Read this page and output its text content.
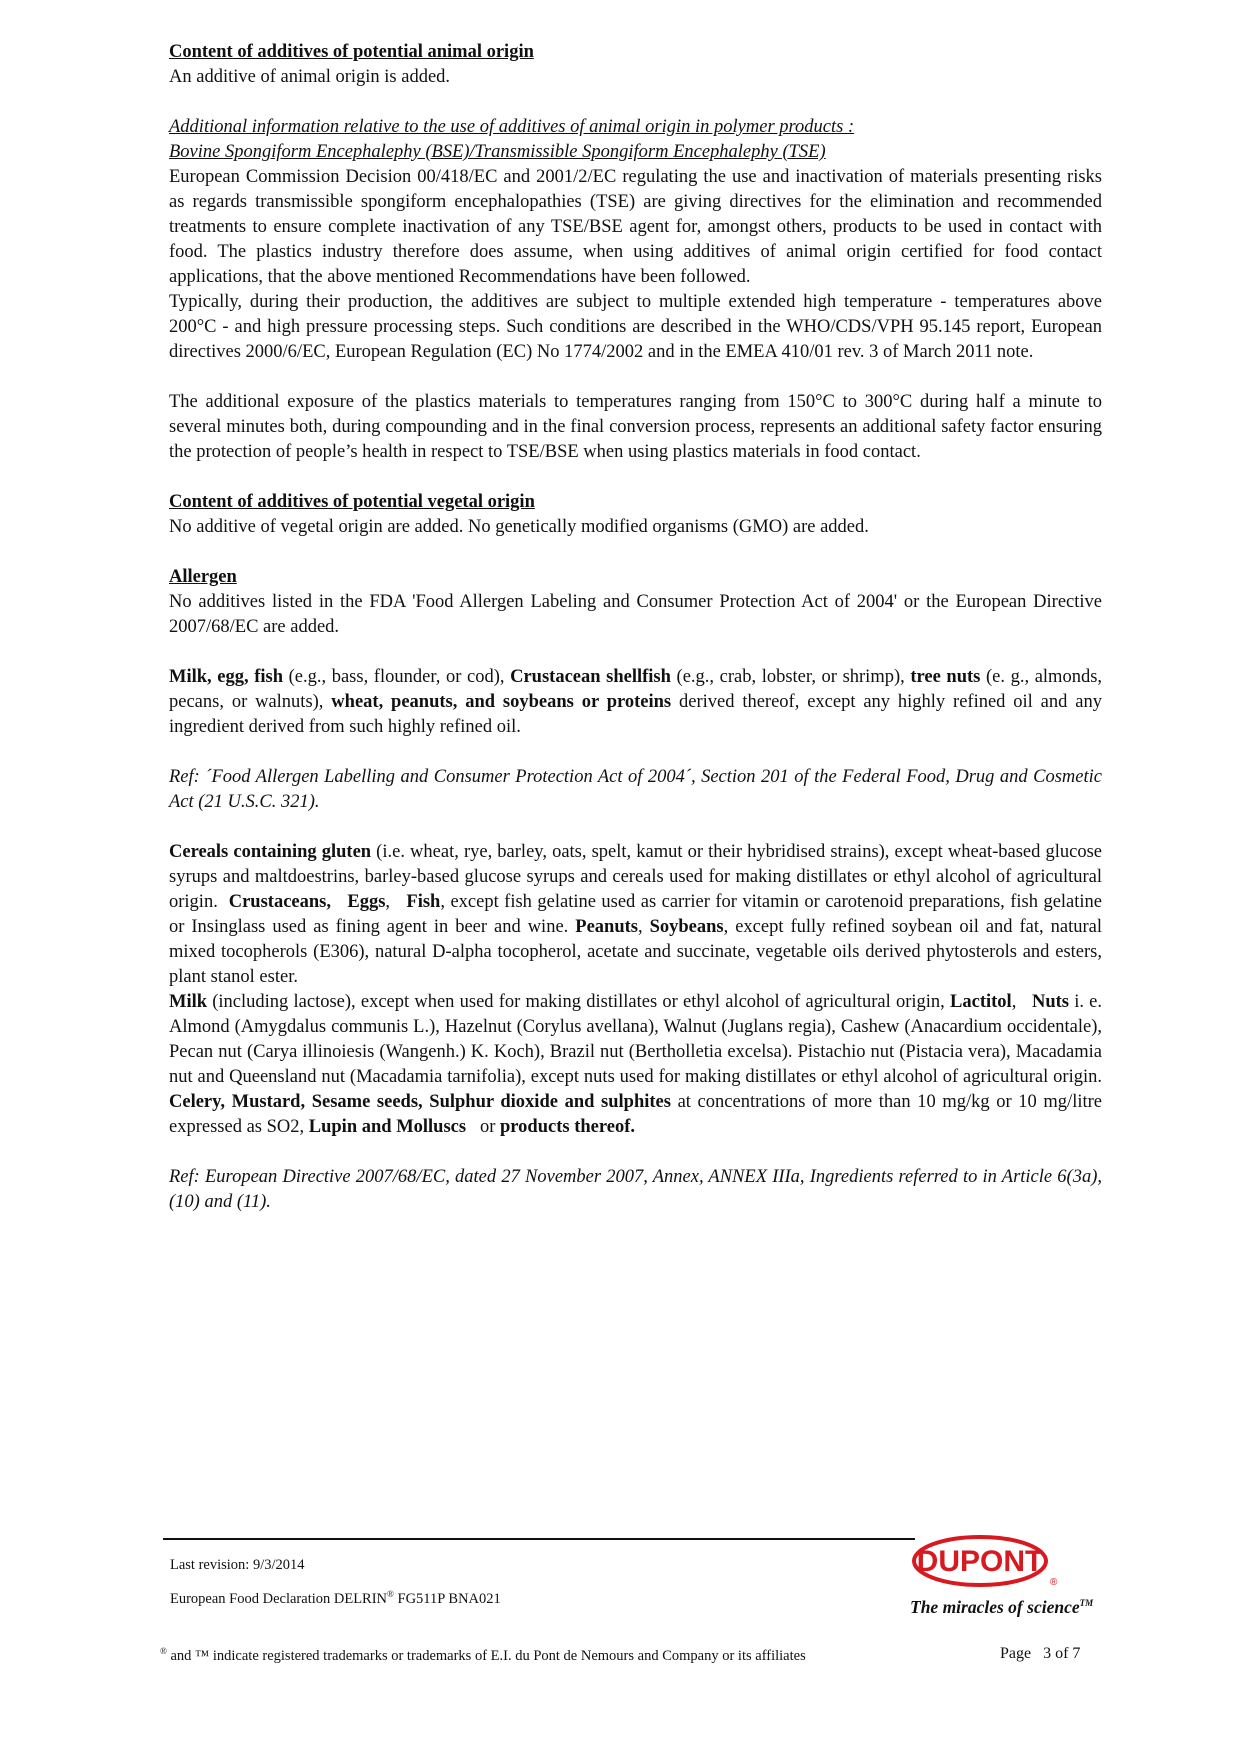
Content of additives of potential animal origin

An additive of animal origin is added.

Additional information relative to the use of additives of animal origin in polymer products :

Bovine Spongiform Encephalephy (BSE)/Transmissible Spongiform Encephalephy (TSE)

European Commission Decision 00/418/EC and 2001/2/EC regulating the use and inactivation of materials presenting risks as regards transmissible spongiform encephalopathies (TSE) are giving directives for the elimination and recommended treatments to ensure complete inactivation of any TSE/BSE agent for, amongst others, products to be used in contact with food. The plastics industry therefore does assume, when using additives of animal origin certified for food contact applications, that the above mentioned Recommendations have been followed.

Typically, during their production, the additives are subject to multiple extended high temperature - temperatures above 200°C - and high pressure processing steps. Such conditions are described in the WHO/CDS/VPH 95.145 report, European directives 2000/6/EC, European Regulation (EC) No 1774/2002 and in the EMEA 410/01 rev. 3 of March 2011 note.

The additional exposure of the plastics materials to temperatures ranging from 150°C to 300°C during half a minute to several minutes both, during compounding and in the final conversion process, represents an additional safety factor ensuring the protection of people’s health in respect to TSE/BSE when using plastics materials in food contact.

Content of additives of potential vegetal origin

No additive of vegetal origin are added. No genetically modified organisms (GMO) are added.

Allergen

No additives listed in the FDA 'Food Allergen Labeling and Consumer Protection Act of 2004' or the European Directive 2007/68/EC are added.

Milk, egg, fish (e.g., bass, flounder, or cod), Crustacean shellfish (e.g., crab, lobster, or shrimp), tree nuts (e. g., almonds, pecans, or walnuts), wheat, peanuts, and soybeans or proteins derived thereof, except any highly refined oil and any ingredient derived from such highly refined oil.

Ref: ´Food Allergen Labelling and Consumer Protection Act of 2004´, Section 201 of the Federal Food, Drug and Cosmetic Act (21 U.S.C. 321).

Cereals containing gluten (i.e. wheat, rye, barley, oats, spelt, kamut or their hybridised strains), except wheat-based glucose syrups and maltdoestrins, barley-based glucose syrups and cereals used for making distillates or ethyl alcohol of agricultural origin.  Crustaceans, Eggs,   Fish, except fish gelatine used as carrier for vitamin or carotenoid preparations, fish gelatine or Insinglass used as fining agent in beer and wine. Peanuts, Soybeans, except fully refined soybean oil and fat, natural mixed tocopherols (E306), natural D-alpha tocopherol, acetate and succinate, vegetable oils derived phytosterols and esters, plant stanol ester.

Milk (including lactose), except when used for making distillates or ethyl alcohol of agricultural origin, Lactitol,   Nuts i. e. Almond (Amygdalus communis L.), Hazelnut (Corylus avellana), Walnut (Juglans regia), Cashew (Anacardium occidentale), Pecan nut (Carya illinoiesis (Wangenh.) K. Koch), Brazil nut (Bertholletia excelsa). Pistachio nut (Pistacia vera), Macadamia nut and Queensland nut (Macadamia tarnifolia), except nuts used for making distillates or ethyl alcohol of agricultural origin. Celery, Mustard, Sesame seeds, Sulphur dioxide and sulphites at concentrations of more than 10 mg/kg or 10 mg/litre expressed as SO2, Lupin and Molluscs   or products thereof.

Ref: European Directive 2007/68/EC, dated 27 November 2007, Annex, ANNEX IIIa, Ingredients referred to in Article 6(3a), (10) and (11).

Last revision: 9/3/2014
European Food Declaration DELRIN® FG511P BNA021
® and ™ indicate registered trademarks or trademarks of E.I. du Pont de Nemours and Company or its affiliates	Page   3 of 7
DUPONT
®
The miracles of science™
